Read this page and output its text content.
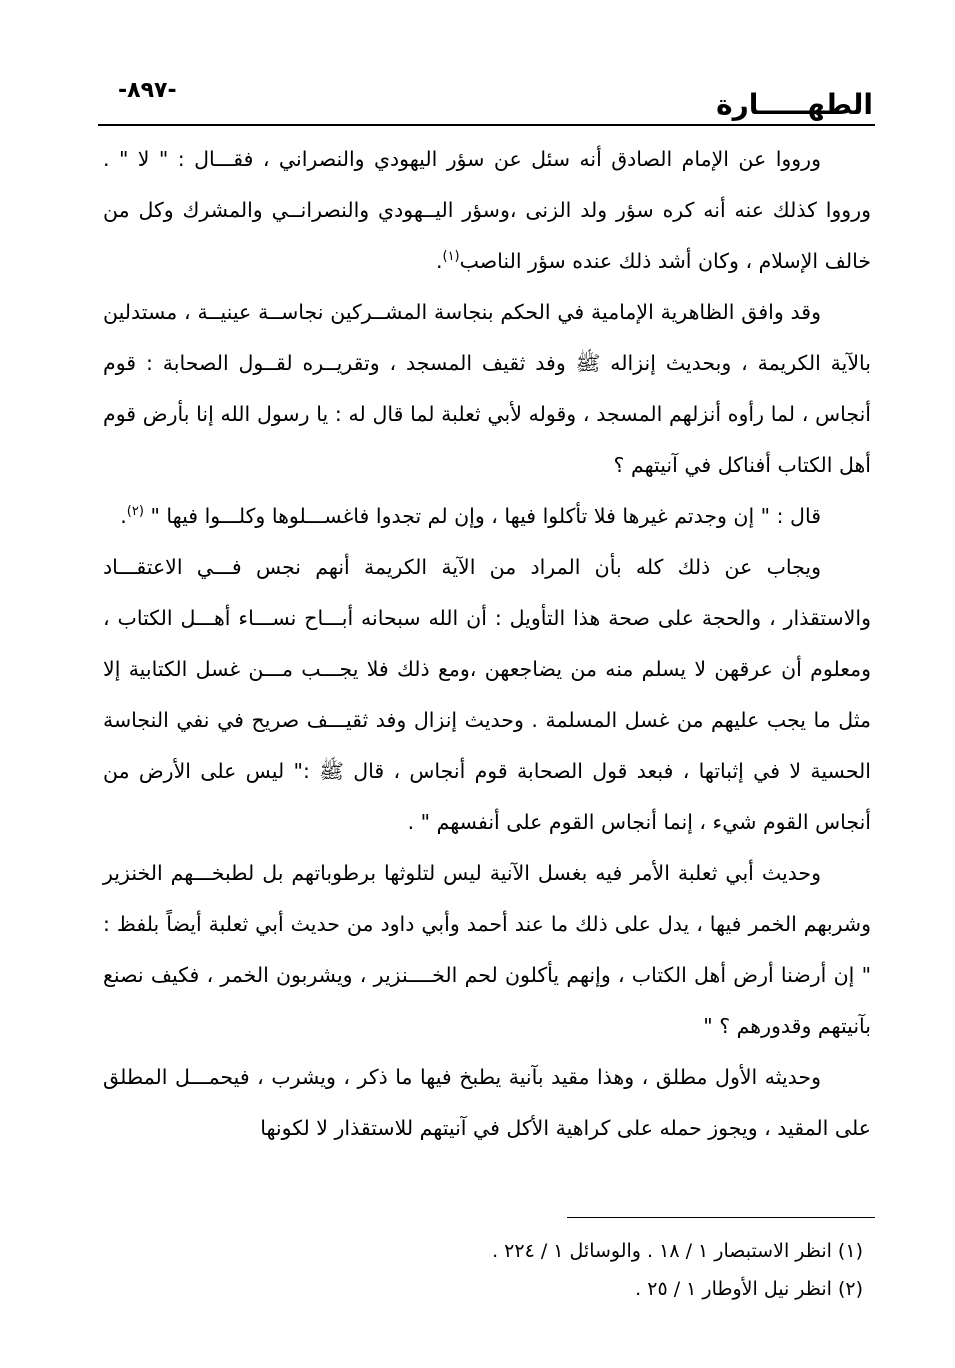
-٨٩٧-	الطهـــــارة

ورووا عن الإمام الصادق أنه سئل عن سؤر اليهودي والنصراني ، فقـــال : " لا " . ورووا كذلك عنه أنه كره سؤر ولد الزنى ،وسؤر اليــهودي والنصرانــي والمشرك وكل من خالف الإسلام ، وكان أشد ذلك عنده سؤر الناصب$^{(١)}$.

وقد وافق الظاهرية الإمامية في الحكم بنجاسة المشــركين نجاســة عينيــة ، مستدلين بالآية الكريمة ، وبحديث إنزاله ﷺ وفد ثقيف المسجد ، وتقريــره لقــول الصحابة : قوم أنجاس ، لما رأوه أنزلهم المسجد ، وقوله لأبي ثعلبة لما قال له : يا رسول الله إنا بأرض قوم أهل الكتاب أفناكل في آنيتهم ؟

قال : " إن وجدتم غيرها فلا تأكلوا فيها ، وإن لم تجدوا فاغســـلوها وكلـــوا فيها " $^{(٢)}$.

ويجاب عن ذلك كله بأن المراد من الآية الكريمة أنهم نجس فـــي الاعتقـــاد والاستقذار ، والحجة على صحة هذا التأويل : أن الله سبحانه أبـــاح نســـاء أهـــل الكتاب ، ومعلوم أن عرقهن لا يسلم منه من يضاجعهن ،ومع ذلك فلا يجـــب مـــن غسل الكتابية إلا مثل ما يجب عليهم من غسل المسلمة . وحديث إنزال وفد ثقيـــف صريح في نفي النجاسة الحسية لا في إثباتها ، فبعد قول الصحابة قوم أنجاس ، قال ﷺ :" ليس على الأرض من أنجاس القوم شيء ، إنما أنجاس القوم على أنفسهم " .

وحديث أبي ثعلبة الأمر فيه بغسل الآنية ليس لتلوثها برطوباتهم بل لطبخـــهم الخنزير وشربهم الخمر فيها ، يدل على ذلك ما عند أحمد وأبي داود من حديث أبي ثعلبة أيضاً بلفظ : " إن أرضنا أرض أهل الكتاب ، وإنهم يأكلون لحم الخــــنزير ، ويشربون الخمر ، فكيف نصنع بآنيتهم وقدورهم ؟ "

وحديثه الأول مطلق ، وهذا مقيد بآنية يطبخ فيها ما ذكر ، ويشرب ، فيحمـــل المطلق على المقيد ، ويجوز حمله على كراهية الأكل في آنيتهم للاستقذار لا لكونها

(١) انظر الاستبصار ١ / ١٨ . والوسائل ١ / ٢٢٤ .

(٢) انظر نيل الأوطار ١ / ٢٥ .
